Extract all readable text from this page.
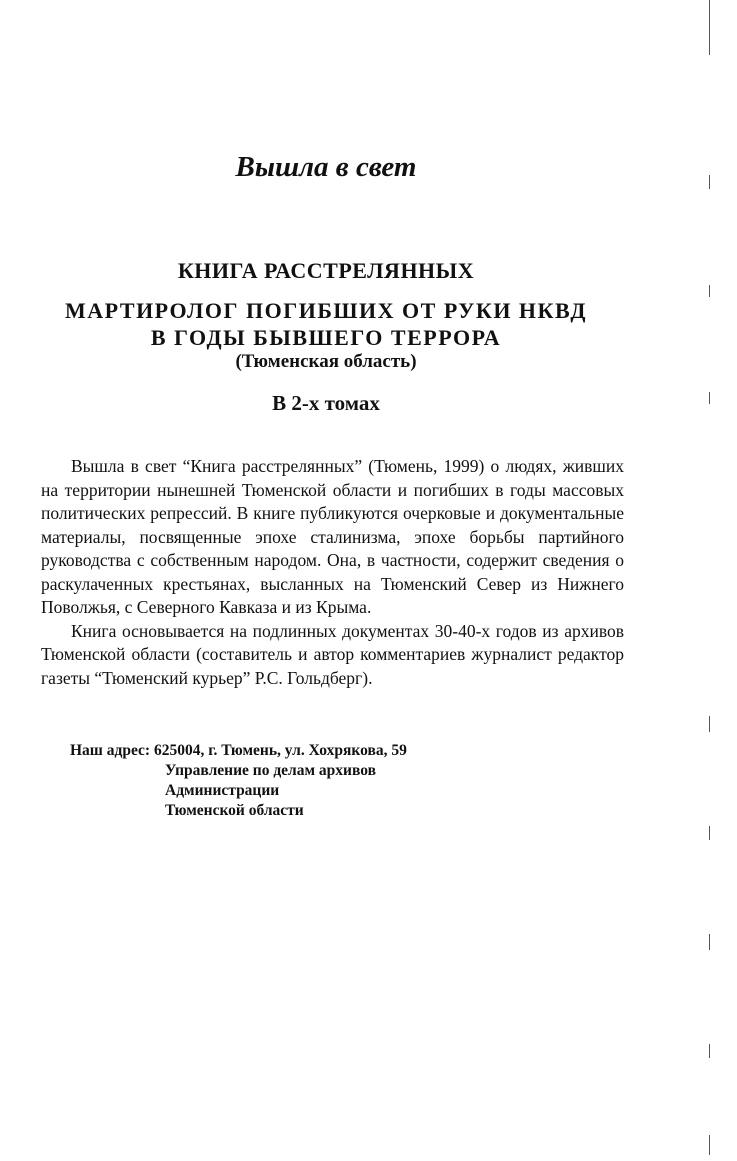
Вышла в свет
КНИГА РАССТРЕЛЯННЫХ
МАРТИРОЛОГ ПОГИБШИХ ОТ РУКИ НКВД
В ГОДЫ БЫВШЕГО ТЕРРОРА
(Тюменская область)
В 2-х томах

Вышла в свет “Книга расстрелянных” (Тюмень, 1999) о людях, живших на территории нынешней Тюменской области и погибших в годы массовых политических репрессий. В книге публикуются очерковые и документальные материалы, посвященные эпохе сталинизма, эпохе борьбы партийного руководства с собственным народом. Она, в частности, содержит сведения о раскулаченных крестьянах, высланных на Тюменский Север из Нижнего Поволжья, с Северного Кавказа и из Крыма.

Книга основывается на подлинных документах 30-40-х годов из архивов Тюменской области (составитель и автор комментариев журналист редактор газеты “Тюменский курьер” Р.С. Гольдберг).

Наш адрес: 625004, г. Тюмень, ул. Хохрякова, 59
Управление по делам архивов
Администрации
Тюменской области
